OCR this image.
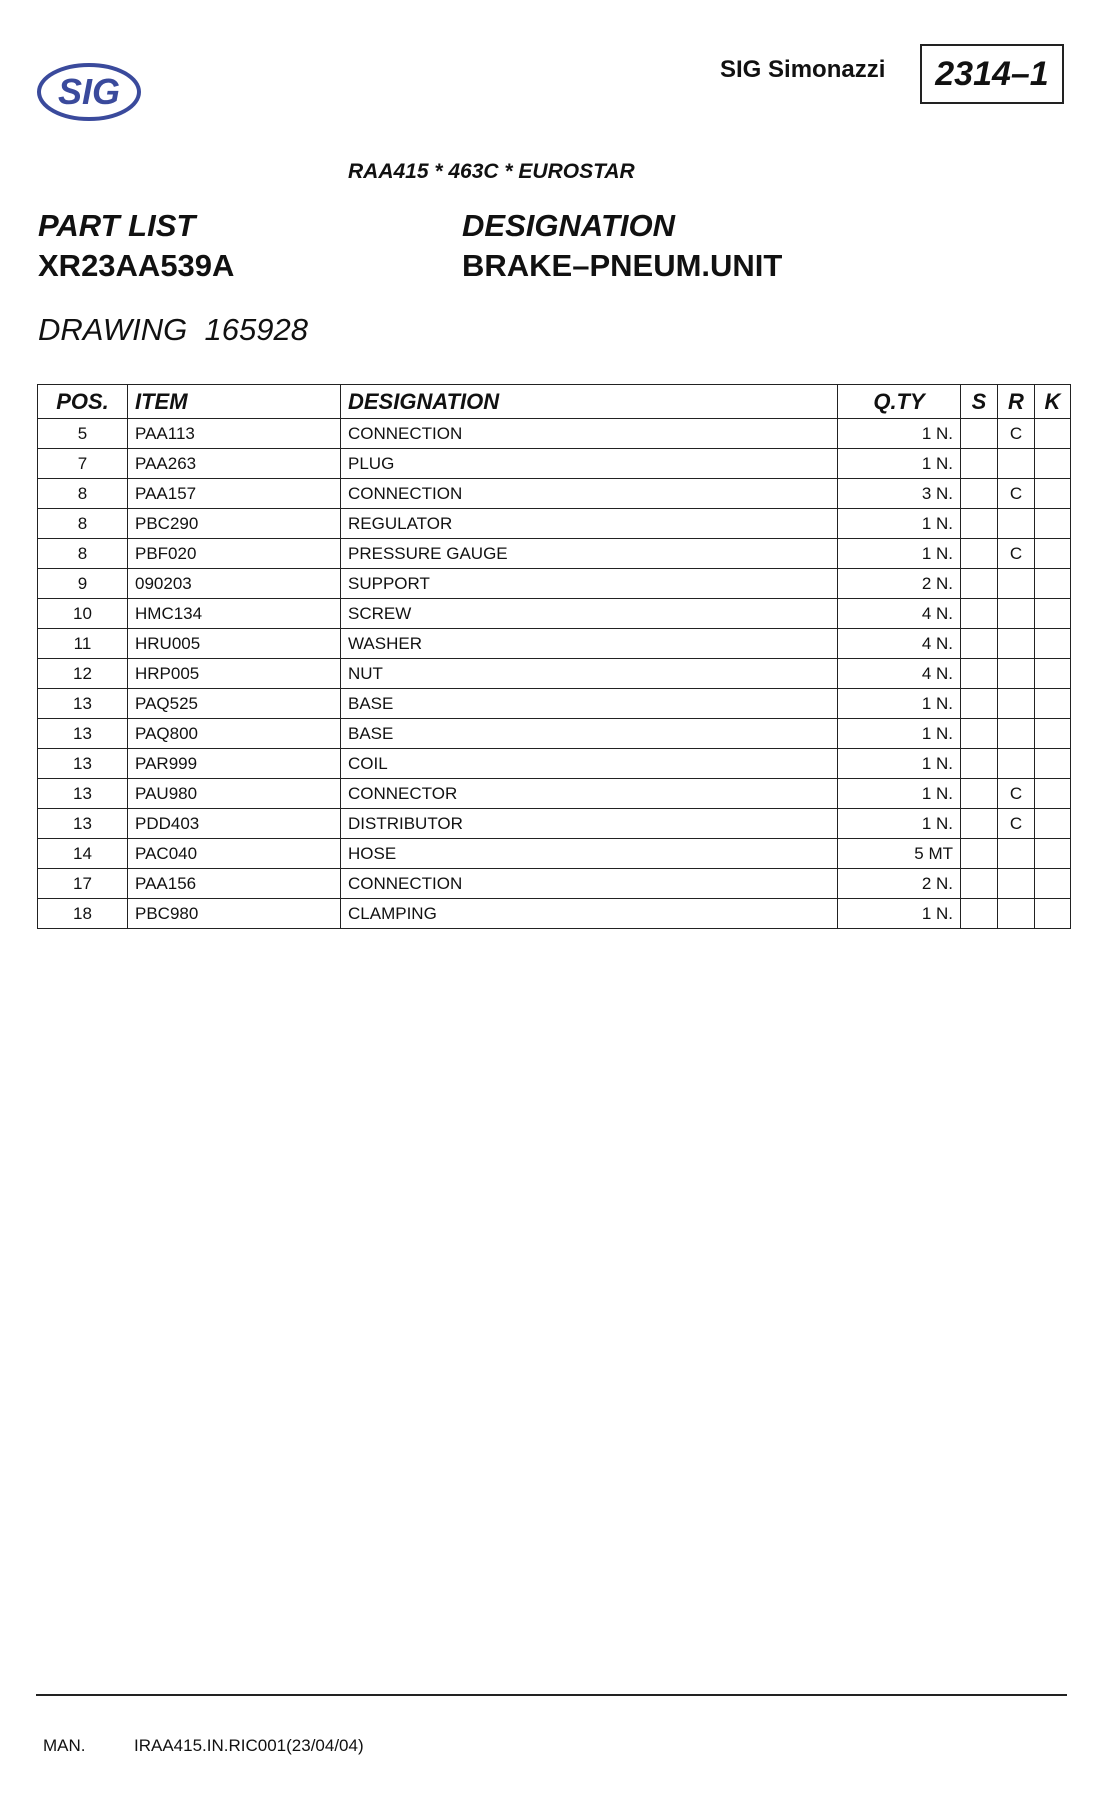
SIG
SIG Simonazzi 2314–1
RAA415 * 463C * EUROSTAR
PART LIST
XR23AA539A
DESIGNATION
BRAKE–PNEUM.UNIT
DRAWING  165928
POS.	ITEM	DESIGNATION	Q.TY	S	R	K
5	PAA113	CONNECTION	1 N.		C	
7	PAA263	PLUG	1 N.			
8	PAA157	CONNECTION	3 N.		C	
8	PBC290	REGULATOR	1 N.			
8	PBF020	PRESSURE GAUGE	1 N.		C	
9	090203	SUPPORT	2 N.			
10	HMC134	SCREW	4 N.			
11	HRU005	WASHER	4 N.			
12	HRP005	NUT	4 N.			
13	PAQ525	BASE	1 N.			
13	PAQ800	BASE	1 N.			
13	PAR999	COIL	1 N.			
13	PAU980	CONNECTOR	1 N.		C	
13	PDD403	DISTRIBUTOR	1 N.		C	
14	PAC040	HOSE	5 MT			
17	PAA156	CONNECTION	2 N.			
18	PBC980	CLAMPING	1 N.			
MAN.	IRAA415.IN.RIC001(23/04/04)
